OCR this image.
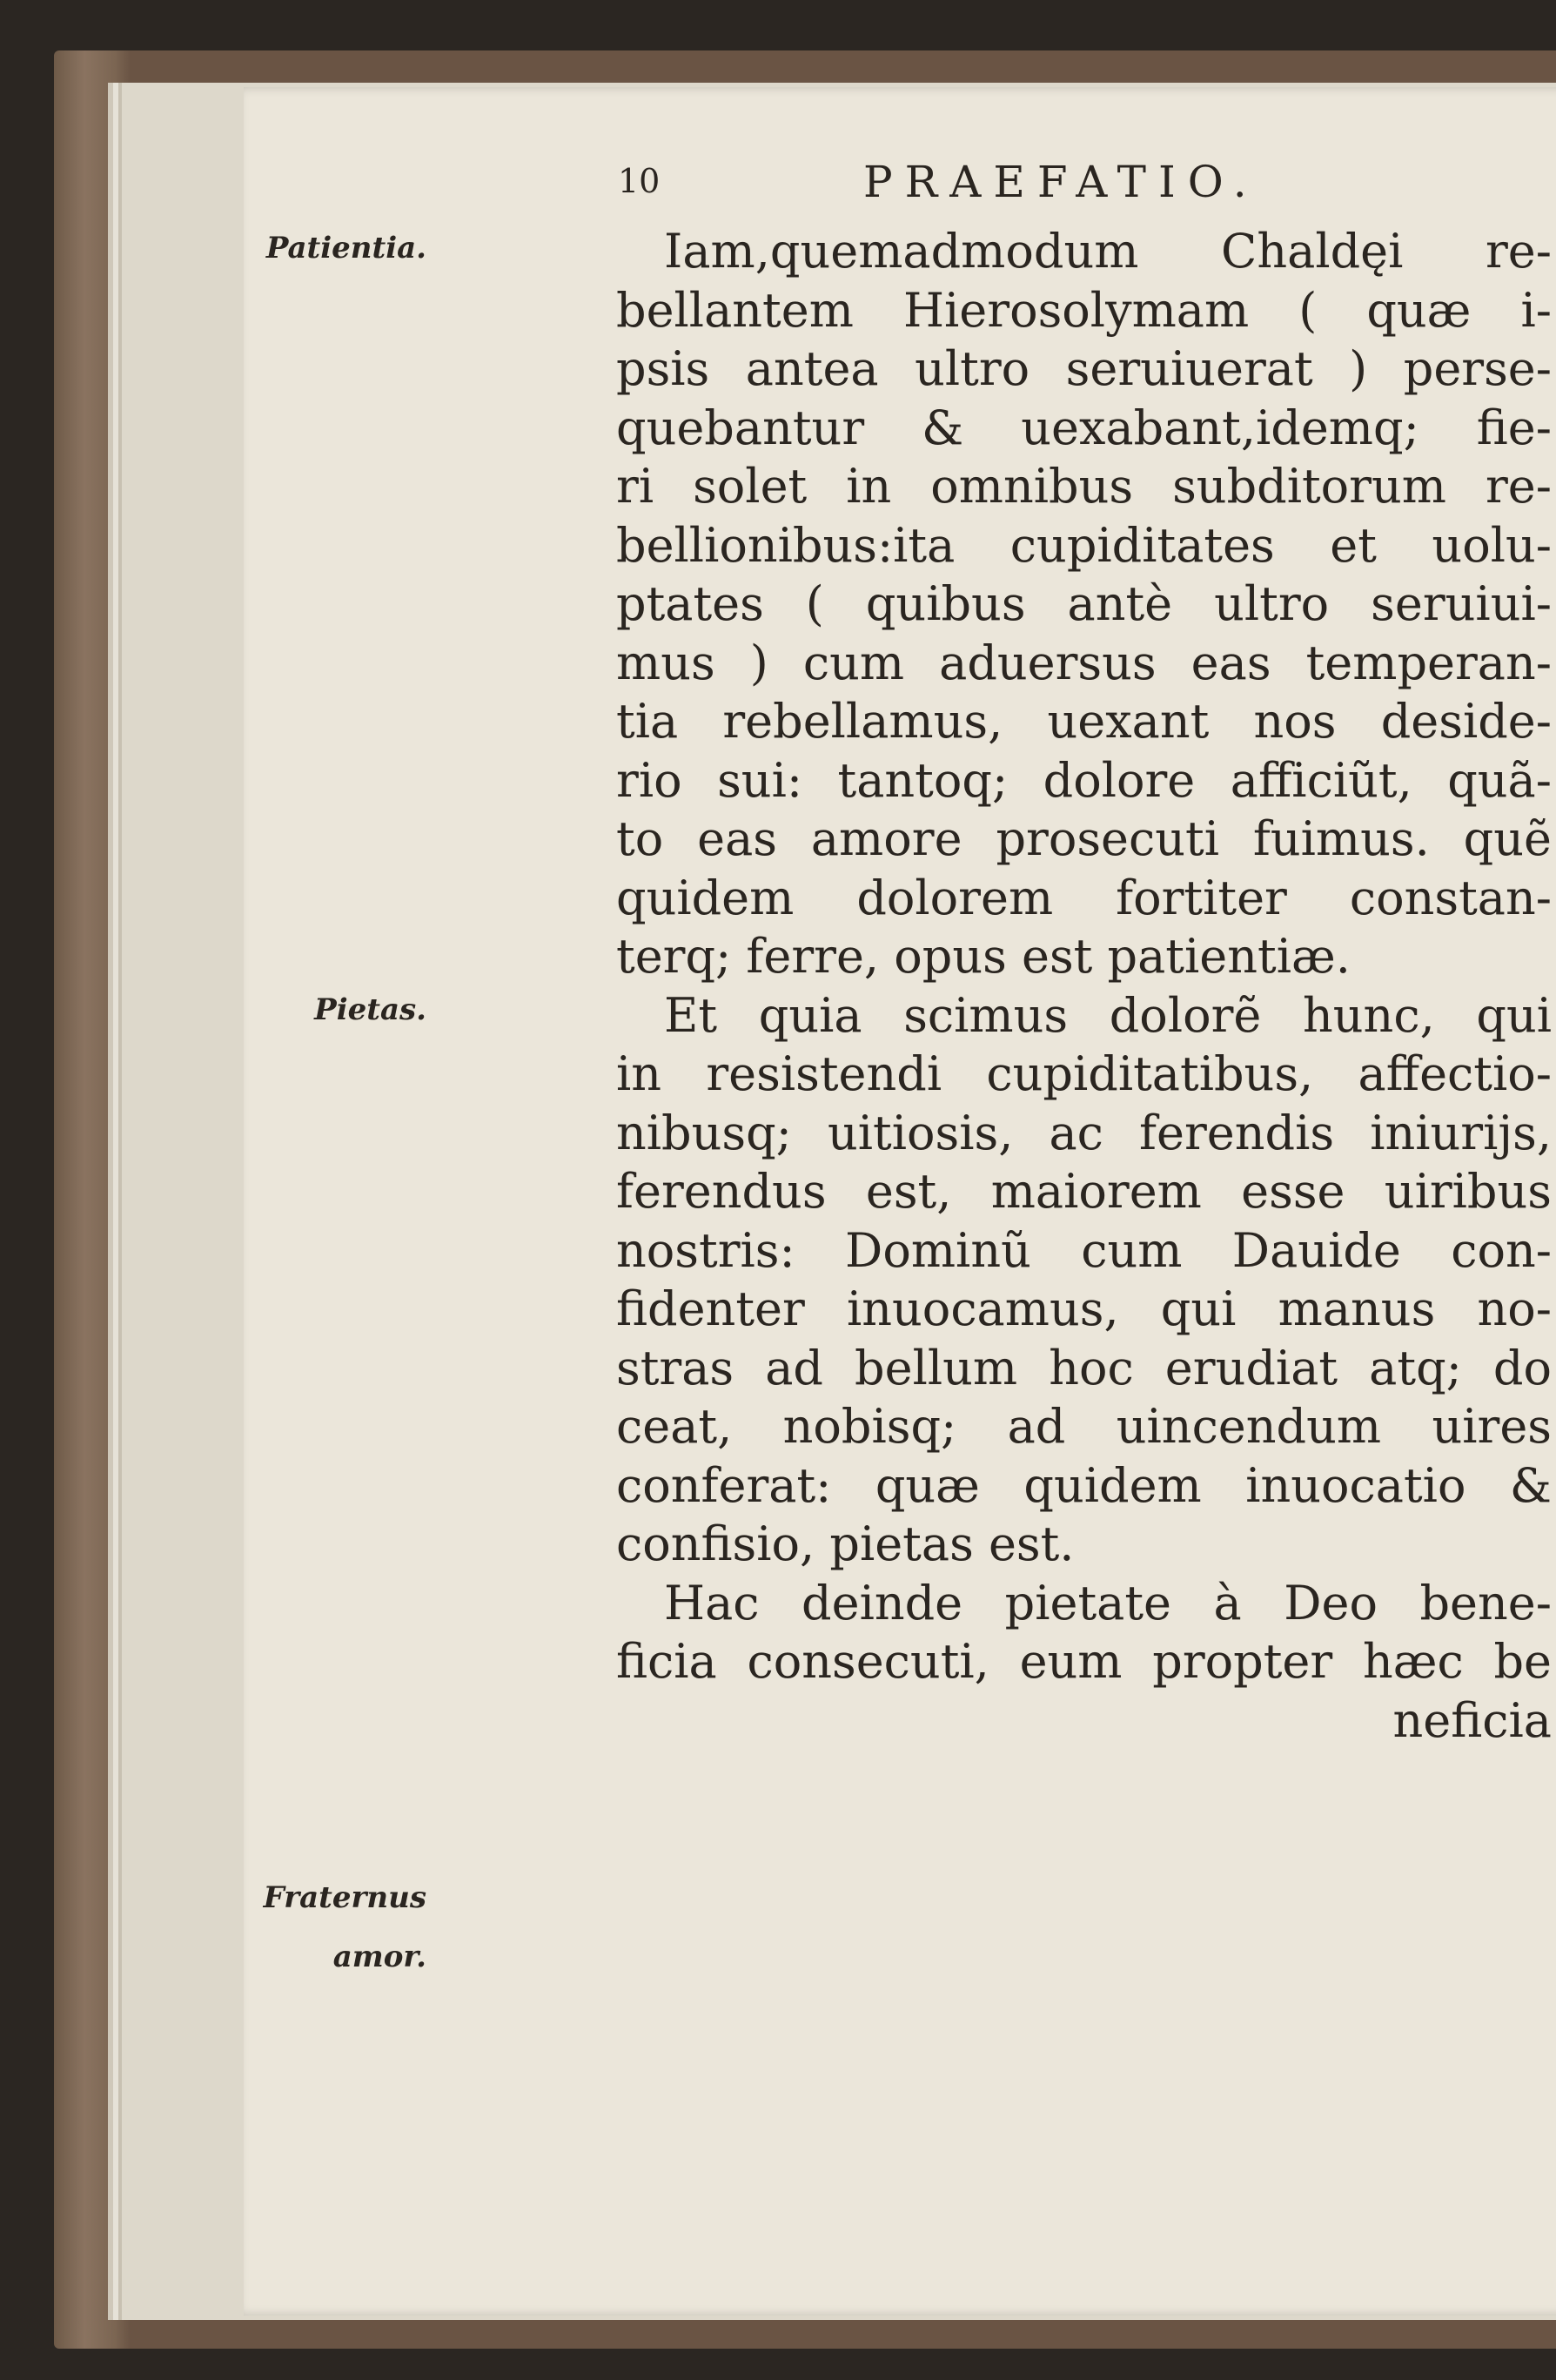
10	PRAEFATIO.
Patientia.
Pietas.
Fraternus
amor.
Iam,quemadmodum Chaldęi re-
bellantem Hierosolymam ( quæ i-
psis antea ultro seruiuerat ) perse-
quebantur & uexabant,idemq; fie-
ri solet in omnibus subditorum re-
bellionibus:ita cupiditates et uolu-
ptates ( quibus antè ultro seruiui-
mus ) cum aduersus eas temperan-
tia rebellamus, uexant nos deside-
rio sui: tantoq; dolore afficiũt, quã-
to eas amore prosecuti fuimus. quẽ
quidem dolorem fortiter constan-
terq; ferre, opus est patientiæ.
Et quia scimus dolorẽ hunc, qui
in resistendi cupiditatibus, affectio-
nibusq; uitiosis, ac ferendis iniurijs,
ferendus est, maiorem esse uiribus
nostris: Dominũ cum Dauide con-
fidenter inuocamus, qui manus no-
stras ad bellum hoc erudiat atq; do
ceat, nobisq; ad uincendum uires
conferat: quæ quidem inuocatio &
confisio, pietas est.
Hac deinde pietate à Deo bene-
ficia consecuti, eum propter hæc be
neficia
